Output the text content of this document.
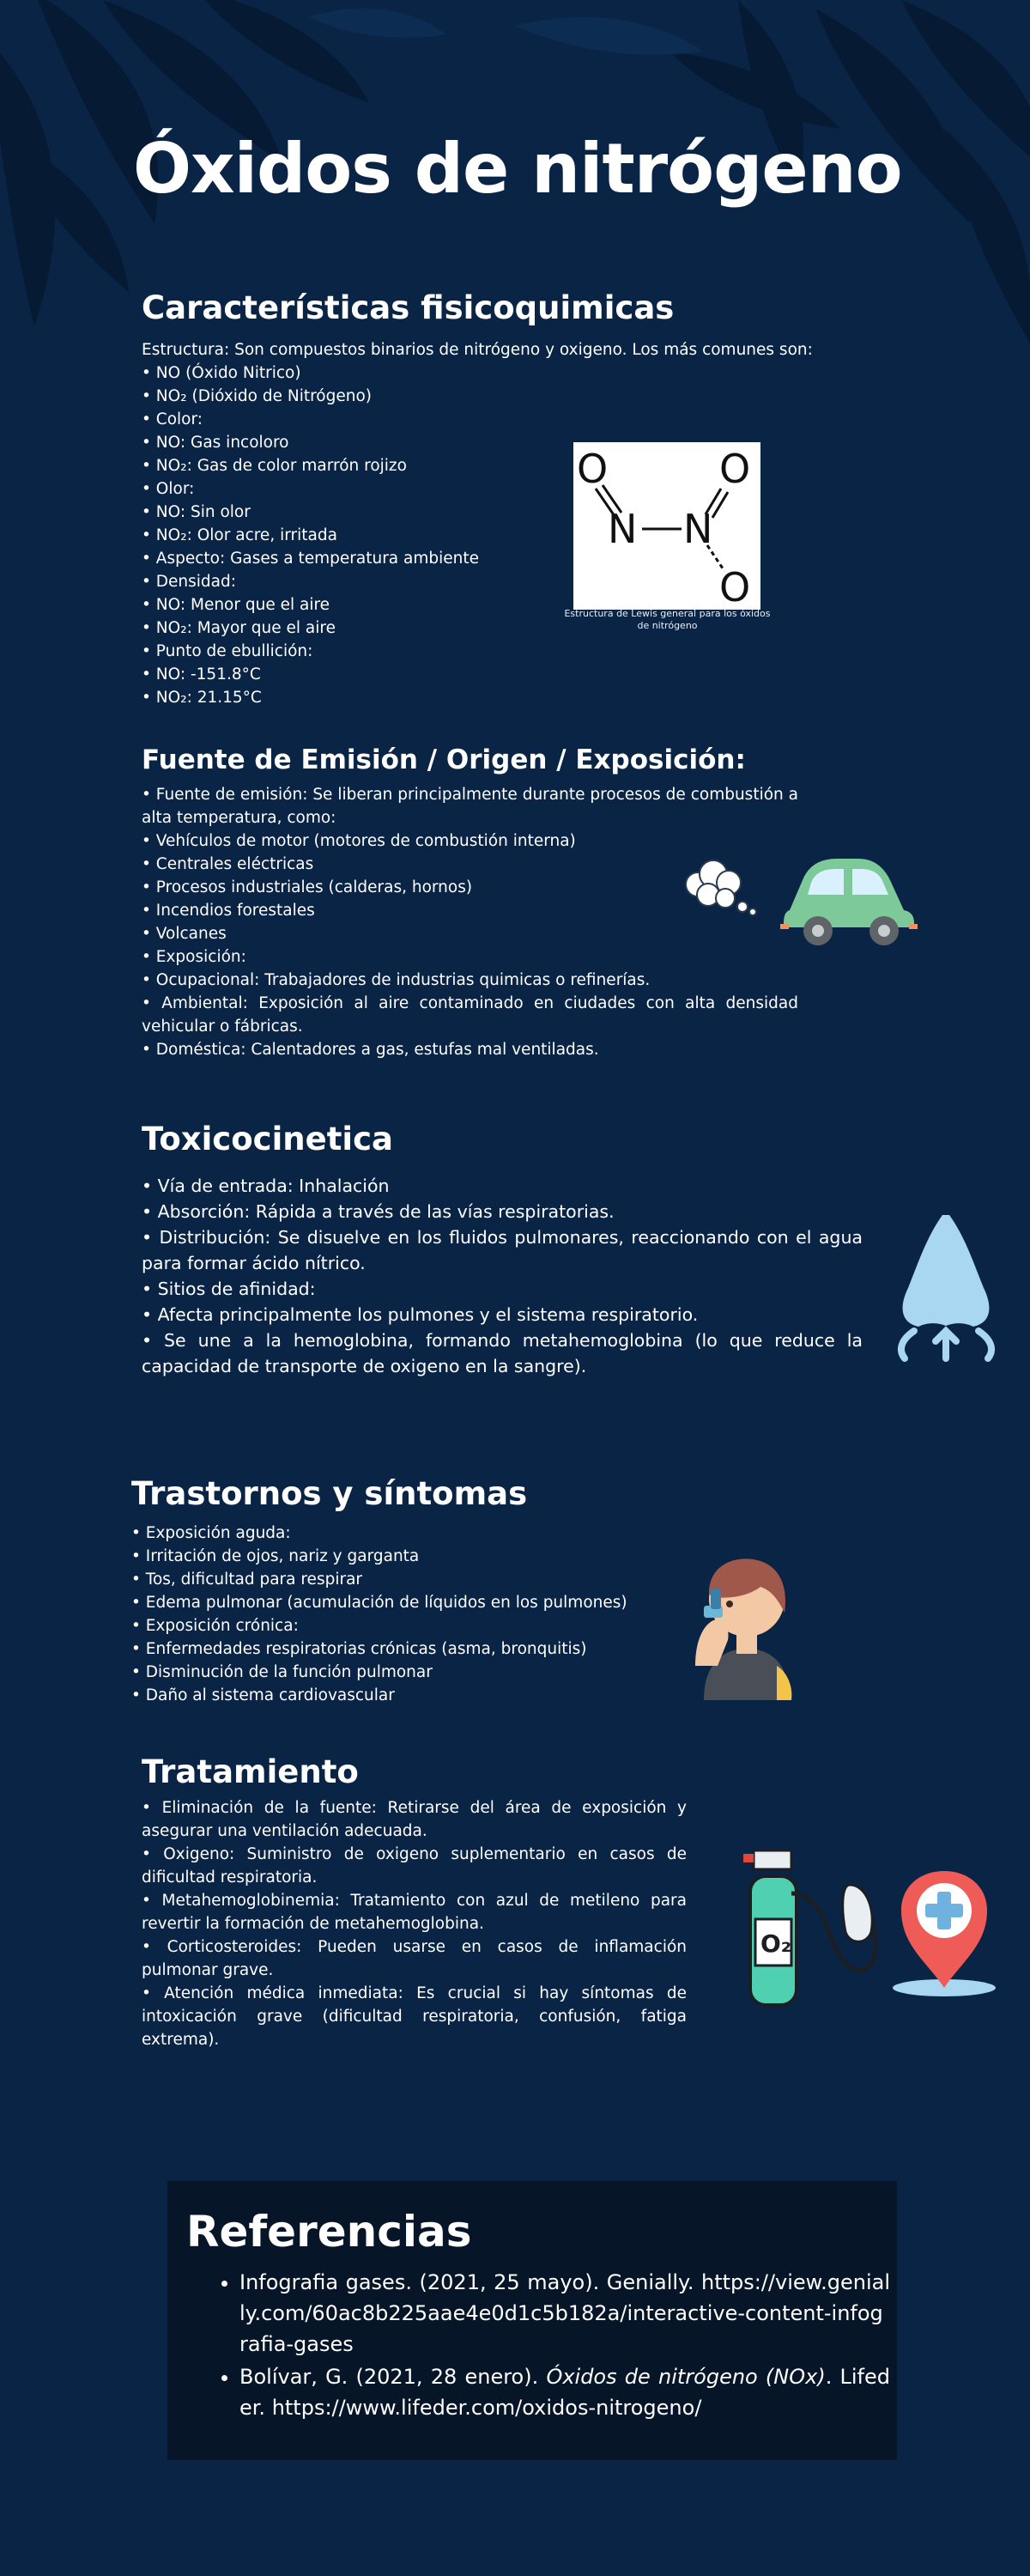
Óxidos de nitrógeno
Características fisicoquimicas
Estructura: Son compuestos binarios de nitrógeno y oxigeno. Los más comunes son:
• NO (Óxido Nitrico)
• NO₂ (Dióxido de Nitrógeno)
• Color:
• NO: Gas incoloro
• NO₂: Gas de color marrón rojizo
• Olor:
• NO: Sin olor
• NO₂: Olor acre, irritada
• Aspecto: Gases a temperatura ambiente
• Densidad:
• NO: Menor que el aire
• NO₂: Mayor que el aire
• Punto de ebullición:
• NO: -151.8°C
• NO₂: 21.15°C
O
N N
O
O
Estructura de Lewis general para los óxidos de nitrógeno
Fuente de Emisión / Origen / Exposición:
• Fuente de emisión: Se liberan principalmente durante procesos de combustión a alta temperatura, como:
• Vehículos de motor (motores de combustión interna)
• Centrales eléctricas
• Procesos industriales (calderas, hornos)
• Incendios forestales
• Volcanes
• Exposición:
• Ocupacional: Trabajadores de industrias quimicas o refinerías.
• Ambiental: Exposición al aire contaminado en ciudades con alta densidad vehicular o fábricas.
• Doméstica: Calentadores a gas, estufas mal ventiladas.
Toxicocinetica
• Vía de entrada: Inhalación
• Absorción: Rápida a través de las vías respiratorias.
• Distribución: Se disuelve en los fluidos pulmonares, reaccionando con el agua para formar ácido nítrico.
• Sitios de afinidad:
• Afecta principalmente los pulmones y el sistema respiratorio.
• Se une a la hemoglobina, formando metahemoglobina (lo que reduce la capacidad de transporte de oxigeno en la sangre).
Trastornos y síntomas
• Exposición aguda:
• Irritación de ojos, nariz y garganta
• Tos, dificultad para respirar
• Edema pulmonar (acumulación de líquidos en los pulmones)
• Exposición crónica:
• Enfermedades respiratorias crónicas (asma, bronquitis)
• Disminución de la función pulmonar
• Daño al sistema cardiovascular
Tratamiento
• Eliminación de la fuente: Retirarse del área de exposición y asegurar una ventilación adecuada.
• Oxigeno: Suministro de oxigeno suplementario en casos de dificultad respiratoria.
• Metahemoglobinemia: Tratamiento con azul de metileno para revertir la formación de metahemoglobina.
• Corticosteroides: Pueden usarse en casos de inflamación pulmonar grave.
• Atención médica inmediata: Es crucial si hay síntomas de intoxicación grave (dificultad respiratoria, confusión, fatiga extrema).
O₂
Referencias
• Infografia gases. (2021, 25 mayo). Genially. https://view.genially.com/60ac8b225aae4e0d1c5b182a/interactive-content-infografia-gases
• Bolívar, G. (2021, 28 enero). Óxidos de nitrógeno (NOx). Lifeder. https://www.lifeder.com/oxidos-nitrogeno/
